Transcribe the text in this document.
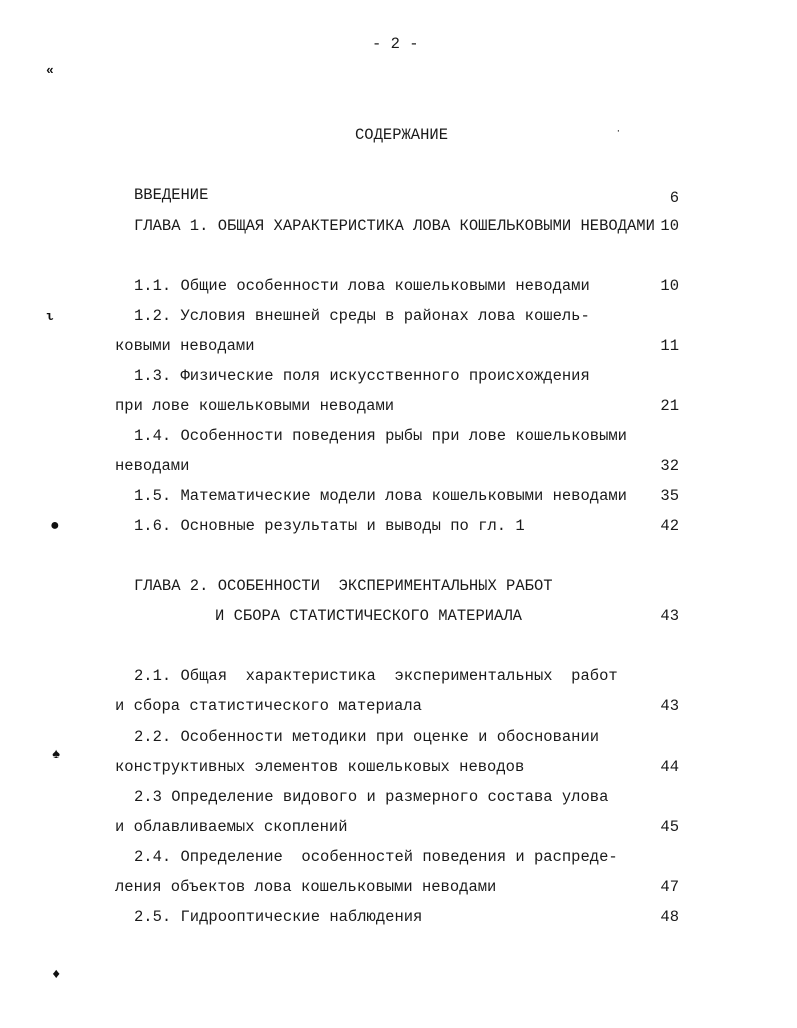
- 2 -
СОДЕРЖАНИЕ
«
ι
●
♠
♦
·
ВВЕДЕНИЕ	6
ГЛАВА 1. ОБЩАЯ ХАРАКТЕРИСТИКА ЛОВА КОШЕЛЬКОВЫМИ НЕВОДАМИ 10
1.1. Общие особенности лова кошельковыми неводами	10
1.2. Условия внешней среды в районах лова кошель-
ковыми неводами	11
1.3. Физические поля искусственного происхождения
при лове кошельковыми неводами	21
1.4. Особенности поведения рыбы при лове кошельковыми
неводами	32
1.5. Математические модели лова кошельковыми неводами 35
1.6. Основные результаты и выводы по гл. 1	42
ГЛАВА 2. ОСОБЕННОСТИ  ЭКСПЕРИМЕНТАЛЬНЫХ РАБОТ
И СБОРА СТАТИСТИЧЕСКОГО МАТЕРИАЛА	43
2.1. Общая  характеристика  экспериментальных  работ
и сбора статистического материала	43
2.2. Особенности методики при оценке и обосновании
конструктивных элементов кошельковых неводов	44
2.3 Определение видового и размерного состава улова
и облавливаемых скоплений	45
2.4. Определение  особенностей поведения и распреде-
ления объектов лова кошельковыми неводами	47
2.5. Гидрооптические наблюдения	48
